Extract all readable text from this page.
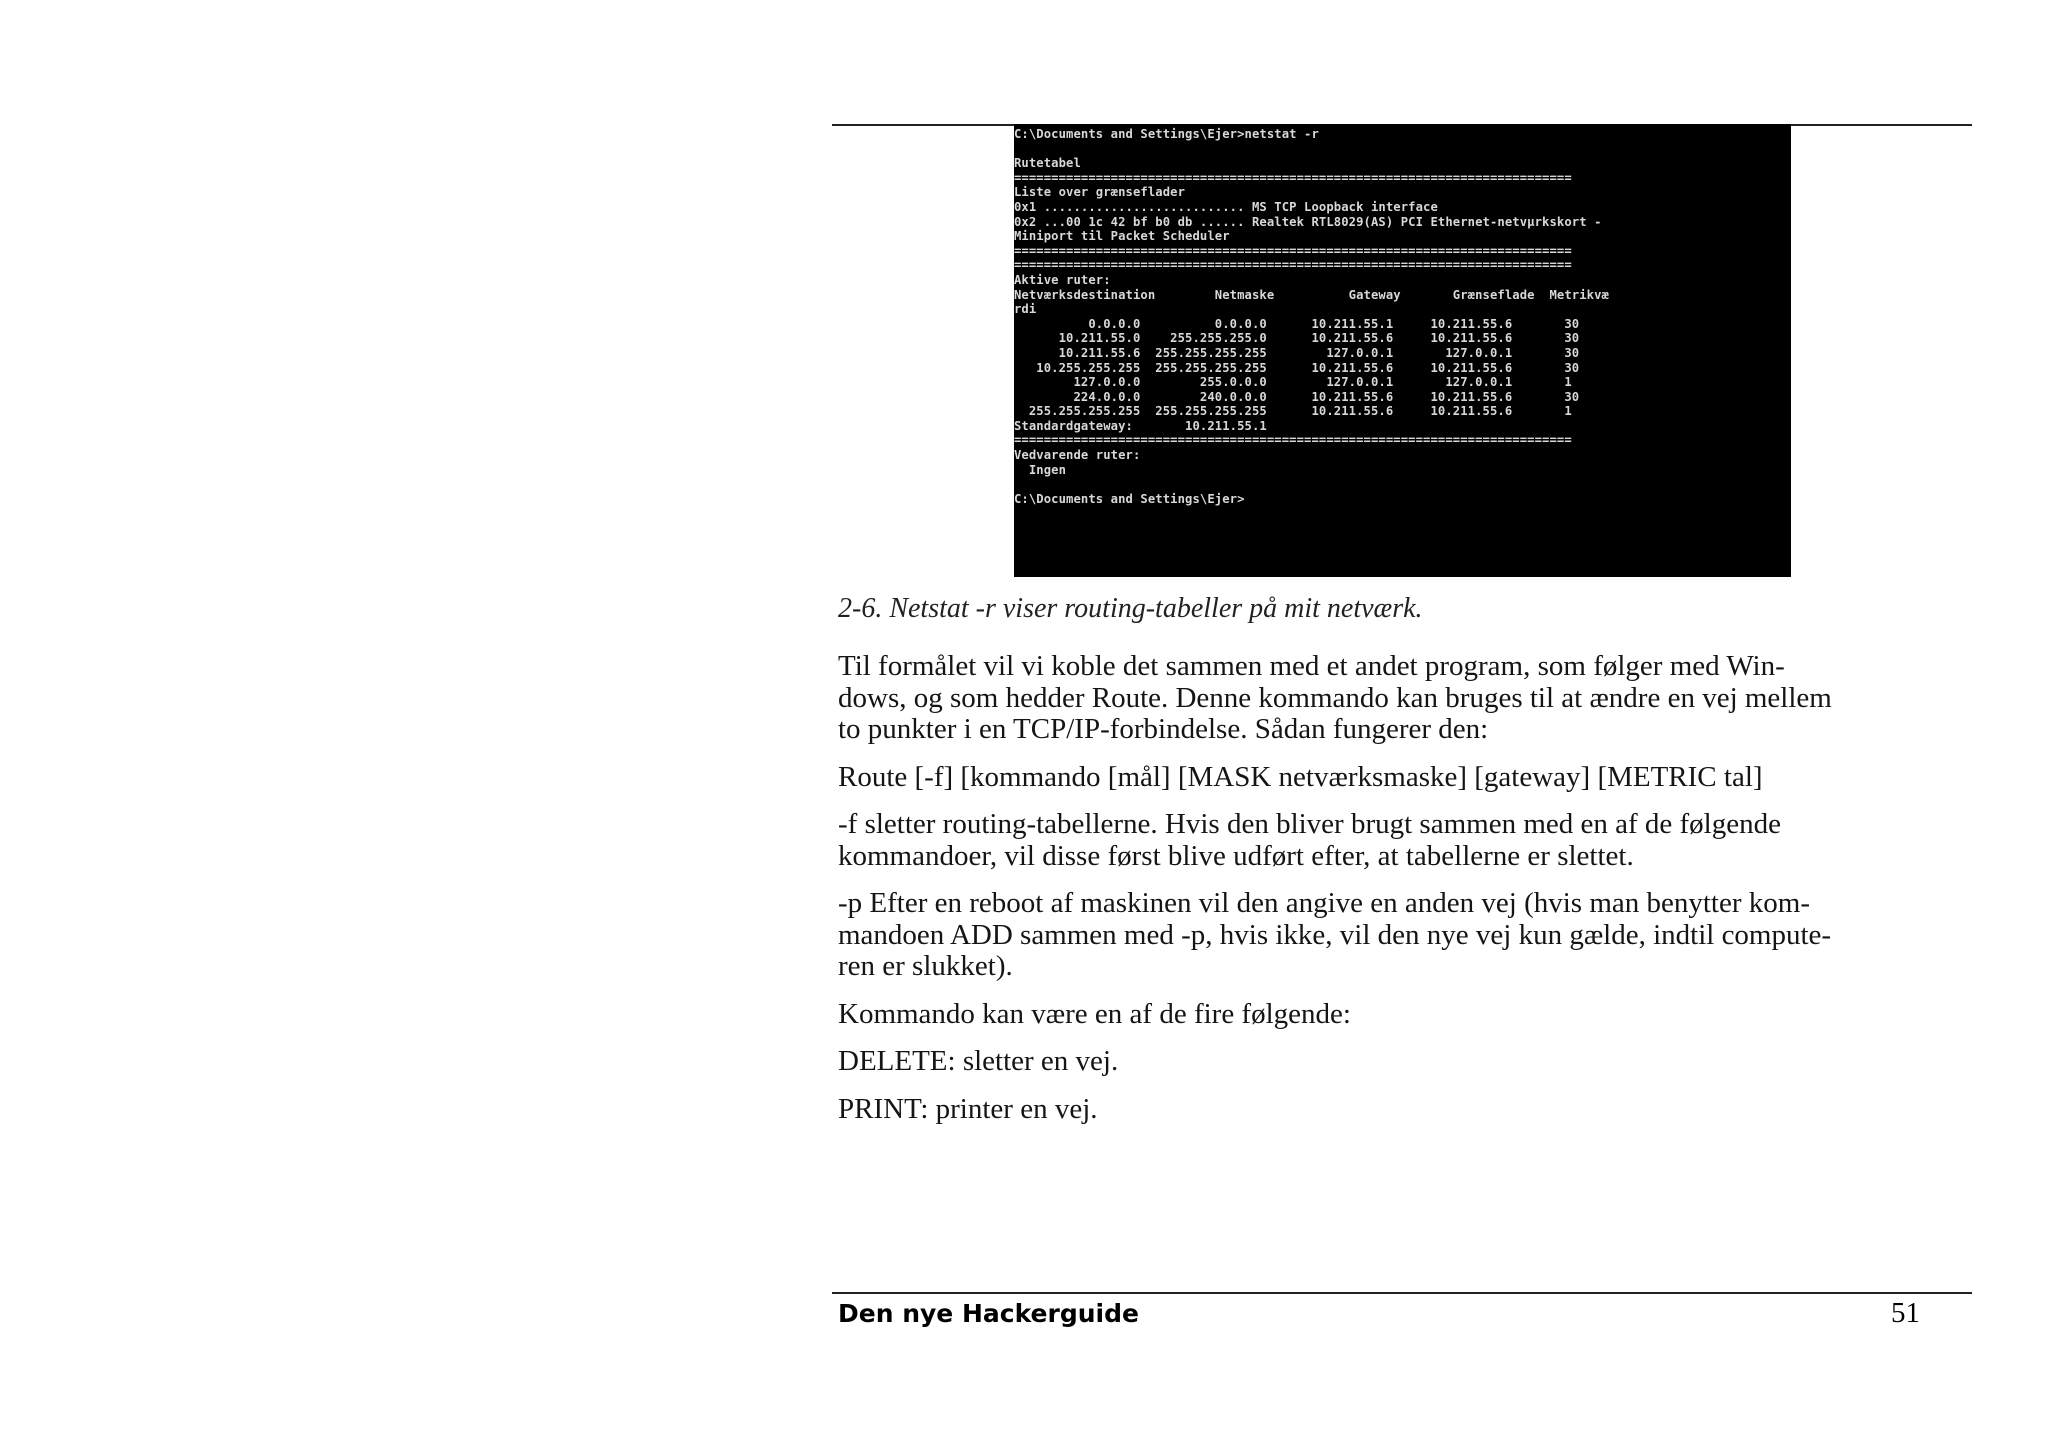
C:\Documents and Settings\Ejer>netstat -r
Rutetabel
===========================================================================
Liste over grænseflader
0x1 ........................... MS TCP Loopback interface
0x2 ...00 1c 42 bf b0 db ...... Realtek RTL8029(AS) PCI Ethernet-netvµrkskort -
Miniport til Packet Scheduler
===========================================================================
===========================================================================
Aktive ruter:
Netværksdestination        Netmaske          Gateway       Grænseflade  Metrikvæ
rdi
0.0.0.0          0.0.0.0      10.211.55.1     10.211.55.6       30
10.211.55.0    255.255.255.0      10.211.55.6     10.211.55.6       30
10.211.55.6  255.255.255.255        127.0.0.1       127.0.0.1       30
10.255.255.255  255.255.255.255      10.211.55.6     10.211.55.6       30
127.0.0.0        255.0.0.0        127.0.0.1       127.0.0.1       1
224.0.0.0        240.0.0.0      10.211.55.6     10.211.55.6       30
255.255.255.255  255.255.255.255      10.211.55.6     10.211.55.6       1
Standardgateway:       10.211.55.1
===========================================================================
Vedvarende ruter:
Ingen
C:\Documents and Settings\Ejer>
2-6. Netstat -r viser routing-tabeller på mit netværk.

Til formålet vil vi koble det sammen med et andet program, som følger med Win-
dows, og som hedder Route. Denne kommando kan bruges til at ændre en vej mellem
to punkter i en TCP/IP-forbindelse. Sådan fungerer den:

Route [-f] [kommando [mål] [MASK netværksmaske] [gateway] [METRIC tal]

-f sletter routing-tabellerne. Hvis den bliver brugt sammen med en af de følgende
kommandoer, vil disse først blive udført efter, at tabellerne er slettet.

-p Efter en reboot af maskinen vil den angive en anden vej (hvis man benytter kom-
mandoen ADD sammen med -p, hvis ikke, vil den nye vej kun gælde, indtil compute-
ren er slukket).

Kommando kan være en af de fire følgende:

DELETE: sletter en vej.

PRINT: printer en vej.

Den nye Hackerguide	51
